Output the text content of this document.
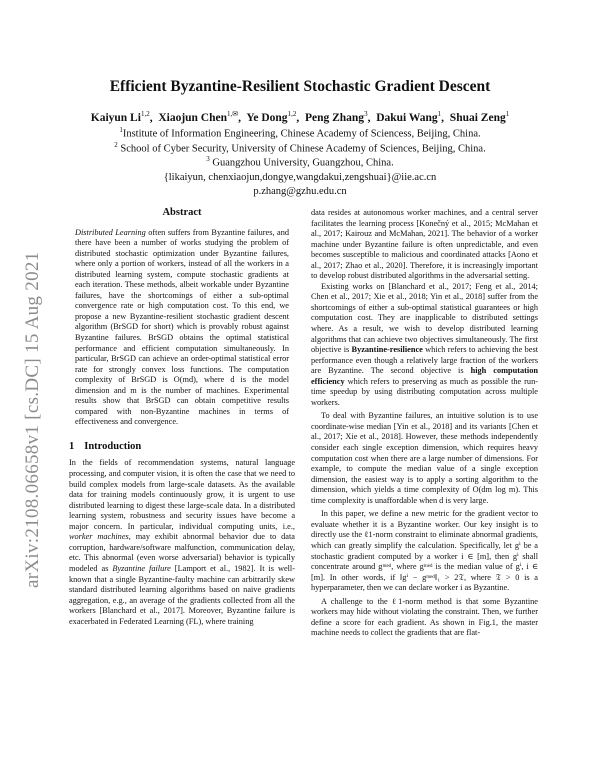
arXiv:2108.06658v1 [cs.DC] 15 Aug 2021
Efficient Byzantine-Resilient Stochastic Gradient Descent
Kaiyun Li$^{1,2}$,  Xiaojun Chen$^{1,✉}$,  Ye Dong$^{1,2}$,  Peng Zhang$^3$,  Dakui Wang$^1$,  Shuai Zeng$^1$
$^1$Institute of Information Engineering, Chinese Academy of Sciencess, Beijing, China.
$^2$ School of Cyber Security, University of Chinese Academy of Sciences, Beijing, China.
$^3$ Guangzhou University, Guangzhou, China.
{likaiyun, chenxiaojun,dongye,wangdakui,zengshuai}@iie.ac.cn
p.zhang@gzhu.edu.cn
Abstract

Distributed Learning often suffers from Byzantine failures, and there have been a number of works studying the problem of distributed stochastic optimization under Byzantine failures, where only a portion of workers, instead of all the workers in a distributed learning system, compute stochastic gradients at each iteration. These methods, albeit workable under Byzantine failures, have the shortcomings of either a sub-optimal convergence rate or high computation cost. To this end, we propose a new Byzantine-resilient stochastic gradient descent algorithm (BrSGD for short) which is provably robust against Byzantine failures. BrSGD obtains the optimal statistical performance and efficient computation simultaneously. In particular, BrSGD can achieve an order-optimal statistical error rate for strongly convex loss functions. The computation complexity of BrSGD is O(md), where d is the model dimension and m is the number of machines. Experimental results show that BrSGD can obtain competitive results compared with non-Byzantine machines in terms of effectiveness and convergence.

1 Introduction

In the fields of recommendation systems, natural language processing, and computer vision, it is often the case that we need to build complex models from large-scale datasets. As the available data for training models continuously grow, it is urgent to use distributed learning to digest these large-scale data. In a distributed learning system, robustness and security issues have become a major concern. In particular, individual computing units, i.e., worker machines, may exhibit abnormal behavior due to data corruption, hardware/software malfunction, communication delay, etc. This abnormal (even worse adversarial) behavior is typically modeled as Byzantine failure [Lamport et al., 1982]. It is well-known that a single Byzantine-faulty machine can arbitrarily skew standard distributed learning algorithms based on naive gradients aggregation, e.g., an average of the gradients collected from all the workers [Blanchard et al., 2017]. Moreover, Byzantine failure is exacerbated in Federated Learning (FL), where training

data resides at autonomous worker machines, and a central server facilitates the learning process [Konečný et al., 2015; McMahan et al., 2017; Kairouz and McMahan, 2021]. The behavior of a worker machine under Byzantine failure is often unpredictable, and even becomes susceptible to malicious and coordinated attacks [Aono et al., 2017; Zhao et al., 2020]. Therefore, it is increasingly important to develop robust distributed algorithms in the adversarial setting.

Existing works on [Blanchard et al., 2017; Feng et al., 2014; Chen et al., 2017; Xie et al., 2018; Yin et al., 2018] suffer from the shortcomings of either a sub-optimal statistical guarantees or high computation cost. They are inapplicable to distributed settings where. As a result, we wish to develop distributed learning algorithms that can achieve two objectives simultaneously. The first objective is Byzantine-resilience which refers to achieving the best performance even though a relatively large fraction of the workers are Byzantine. The second objective is high computation efficiency which refers to preserving as much as possible the run-time speedup by using distributing computation across multiple workers.

To deal with Byzantine failures, an intuitive solution is to use coordinate-wise median [Yin et al., 2018] and its variants [Chen et al., 2017; Xie et al., 2018]. However, these methods independently consider each single exception dimension, which requires heavy computation cost when there are a large number of dimensions. For example, to compute the median value of a single exception dimension, the easiest way is to apply a sorting algorithm to the dimension, which yields a time complexity of O(dm log m). This time complexity is unaffordable when d is very large.

In this paper, we define a new metric for the gradient vector to evaluate whether it is a Byzantine worker. Our key insight is to directly use the ℓ1-norm constraint to eliminate abnormal gradients, which can greatly simplify the calculation. Specifically, let gⁱ be a stochastic gradient computed by a worker i ∈ [m], then gⁱ shall concentrate around gᵐᵉᵈ, where gᵐᵉᵈ is the median value of gⁱ, i ∈ [m]. In other words, if ‖gⁱ − gᵐᵉᵈ‖₁ > 2𝔗, where 𝔗 > 0 is a hyperparameter, then we can declare worker i as Byzantine.

A challenge to the ℓ1-norm method is that some Byzantine workers may hide without violating the constraint. Then, we further define a score for each gradient. As shown in Fig.1, the master machine needs to collect the gradients that are flat-
